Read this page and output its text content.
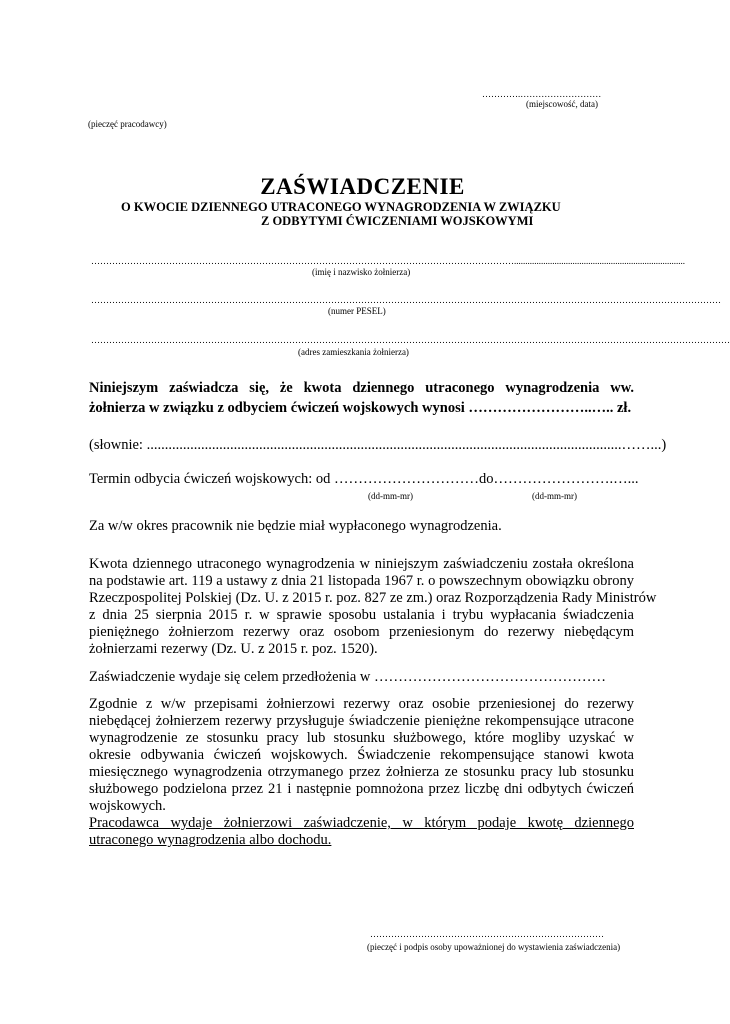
………….………………………
(miejscowość, data)
(pieczęć pracodawcy)
ZAŚWIADCZENIE
O KWOCIE DZIENNEGO UTRACONEGO WYNAGRODZENIA W ZWIĄZKU
Z ODBYTYMI ĆWICZENIAMI WOJSKOWYMI
……………………………………………………………………………………………………………………………............................................................................
(imię i nazwisko żołnierza)
…………………………………………………………………………………………………………………………………………………………………………………………
(numer PESEL)
……………………………………………………………………………………………………………………………………………………………………………………………
(adres zamieszkania żołnierza)
Niniejszym zaświadcza się, że kwota dziennego utraconego wynagrodzenia ww.
żołnierza w związku z odbyciem ćwiczeń wojskowych wynosi ……………………..….. zł.
(słownie: ...................................................................................................................................……...)
Termin odbycia ćwiczeń wojskowych: od …………………………do…………………….…...
(dd-mm-mr)	(dd-mm-mr)
Za w/w okres pracownik nie będzie miał wypłaconego wynagrodzenia.
Kwota dziennego utraconego wynagrodzenia w niniejszym zaświadczeniu została określona
na podstawie art. 119 a ustawy z dnia 21 listopada 1967 r. o powszechnym obowiązku obrony
Rzeczpospolitej Polskiej (Dz. U. z 2015 r. poz. 827 ze zm.) oraz Rozporządzenia Rady Ministrów
z dnia 25 sierpnia 2015 r. w sprawie sposobu ustalania i trybu wypłacania świadczenia
pieniężnego żołnierzom rezerwy oraz osobom przeniesionym do rezerwy niebędącym
żołnierzami rezerwy (Dz. U. z 2015 r. poz. 1520).
Zaświadczenie wydaje się celem przedłożenia w …………………………………………
Zgodnie z w/w przepisami żołnierzowi rezerwy oraz osobie przeniesionej do rezerwy
niebędącej żołnierzem rezerwy przysługuje świadczenie pieniężne rekompensujące utracone
wynagrodzenie ze stosunku pracy lub stosunku służbowego, które mogliby uzyskać w
okresie odbywania ćwiczeń wojskowych. Świadczenie rekompensujące stanowi kwota
miesięcznego wynagrodzenia otrzymanego przez żołnierza ze stosunku pracy lub stosunku
służbowego podzielona przez 21 i następnie pomnożona przez liczbę dni odbytych ćwiczeń
wojskowych.
Pracodawca wydaje żołnierzowi zaświadczenie, w którym podaje kwotę dziennego
utraconego wynagrodzenia albo dochodu.
……………………………………………………………………
(pieczęć i podpis osoby upoważnionej do wystawienia zaświadczenia)
